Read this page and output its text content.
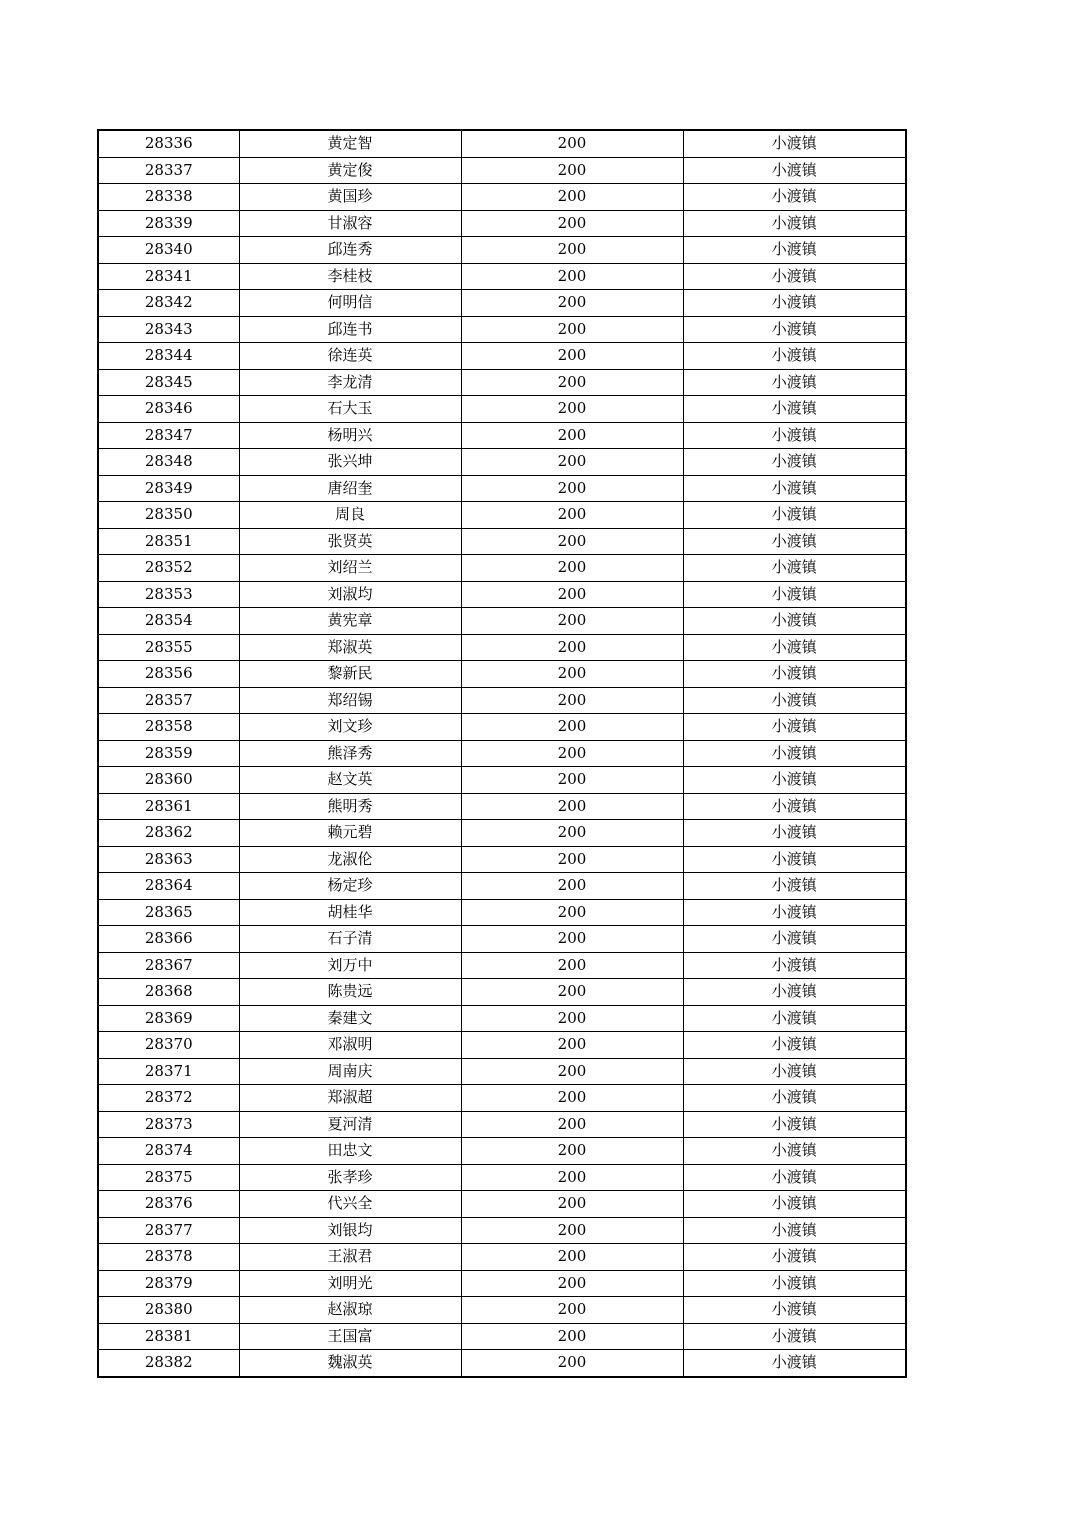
28336	黄定智	200	小渡镇
28337	黄定俊	200	小渡镇
28338	黄国珍	200	小渡镇
28339	甘淑容	200	小渡镇
28340	邱连秀	200	小渡镇
28341	李桂枝	200	小渡镇
28342	何明信	200	小渡镇
28343	邱连书	200	小渡镇
28344	徐连英	200	小渡镇
28345	李龙清	200	小渡镇
28346	石大玉	200	小渡镇
28347	杨明兴	200	小渡镇
28348	张兴坤	200	小渡镇
28349	唐绍奎	200	小渡镇
28350	周良	200	小渡镇
28351	张贤英	200	小渡镇
28352	刘绍兰	200	小渡镇
28353	刘淑均	200	小渡镇
28354	黄宪章	200	小渡镇
28355	郑淑英	200	小渡镇
28356	黎新民	200	小渡镇
28357	郑绍锡	200	小渡镇
28358	刘文珍	200	小渡镇
28359	熊泽秀	200	小渡镇
28360	赵文英	200	小渡镇
28361	熊明秀	200	小渡镇
28362	赖元碧	200	小渡镇
28363	龙淑伦	200	小渡镇
28364	杨定珍	200	小渡镇
28365	胡桂华	200	小渡镇
28366	石子清	200	小渡镇
28367	刘万中	200	小渡镇
28368	陈贵远	200	小渡镇
28369	秦建文	200	小渡镇
28370	邓淑明	200	小渡镇
28371	周南庆	200	小渡镇
28372	郑淑超	200	小渡镇
28373	夏河清	200	小渡镇
28374	田忠文	200	小渡镇
28375	张孝珍	200	小渡镇
28376	代兴全	200	小渡镇
28377	刘银均	200	小渡镇
28378	王淑君	200	小渡镇
28379	刘明光	200	小渡镇
28380	赵淑琼	200	小渡镇
28381	王国富	200	小渡镇
28382	魏淑英	200	小渡镇
